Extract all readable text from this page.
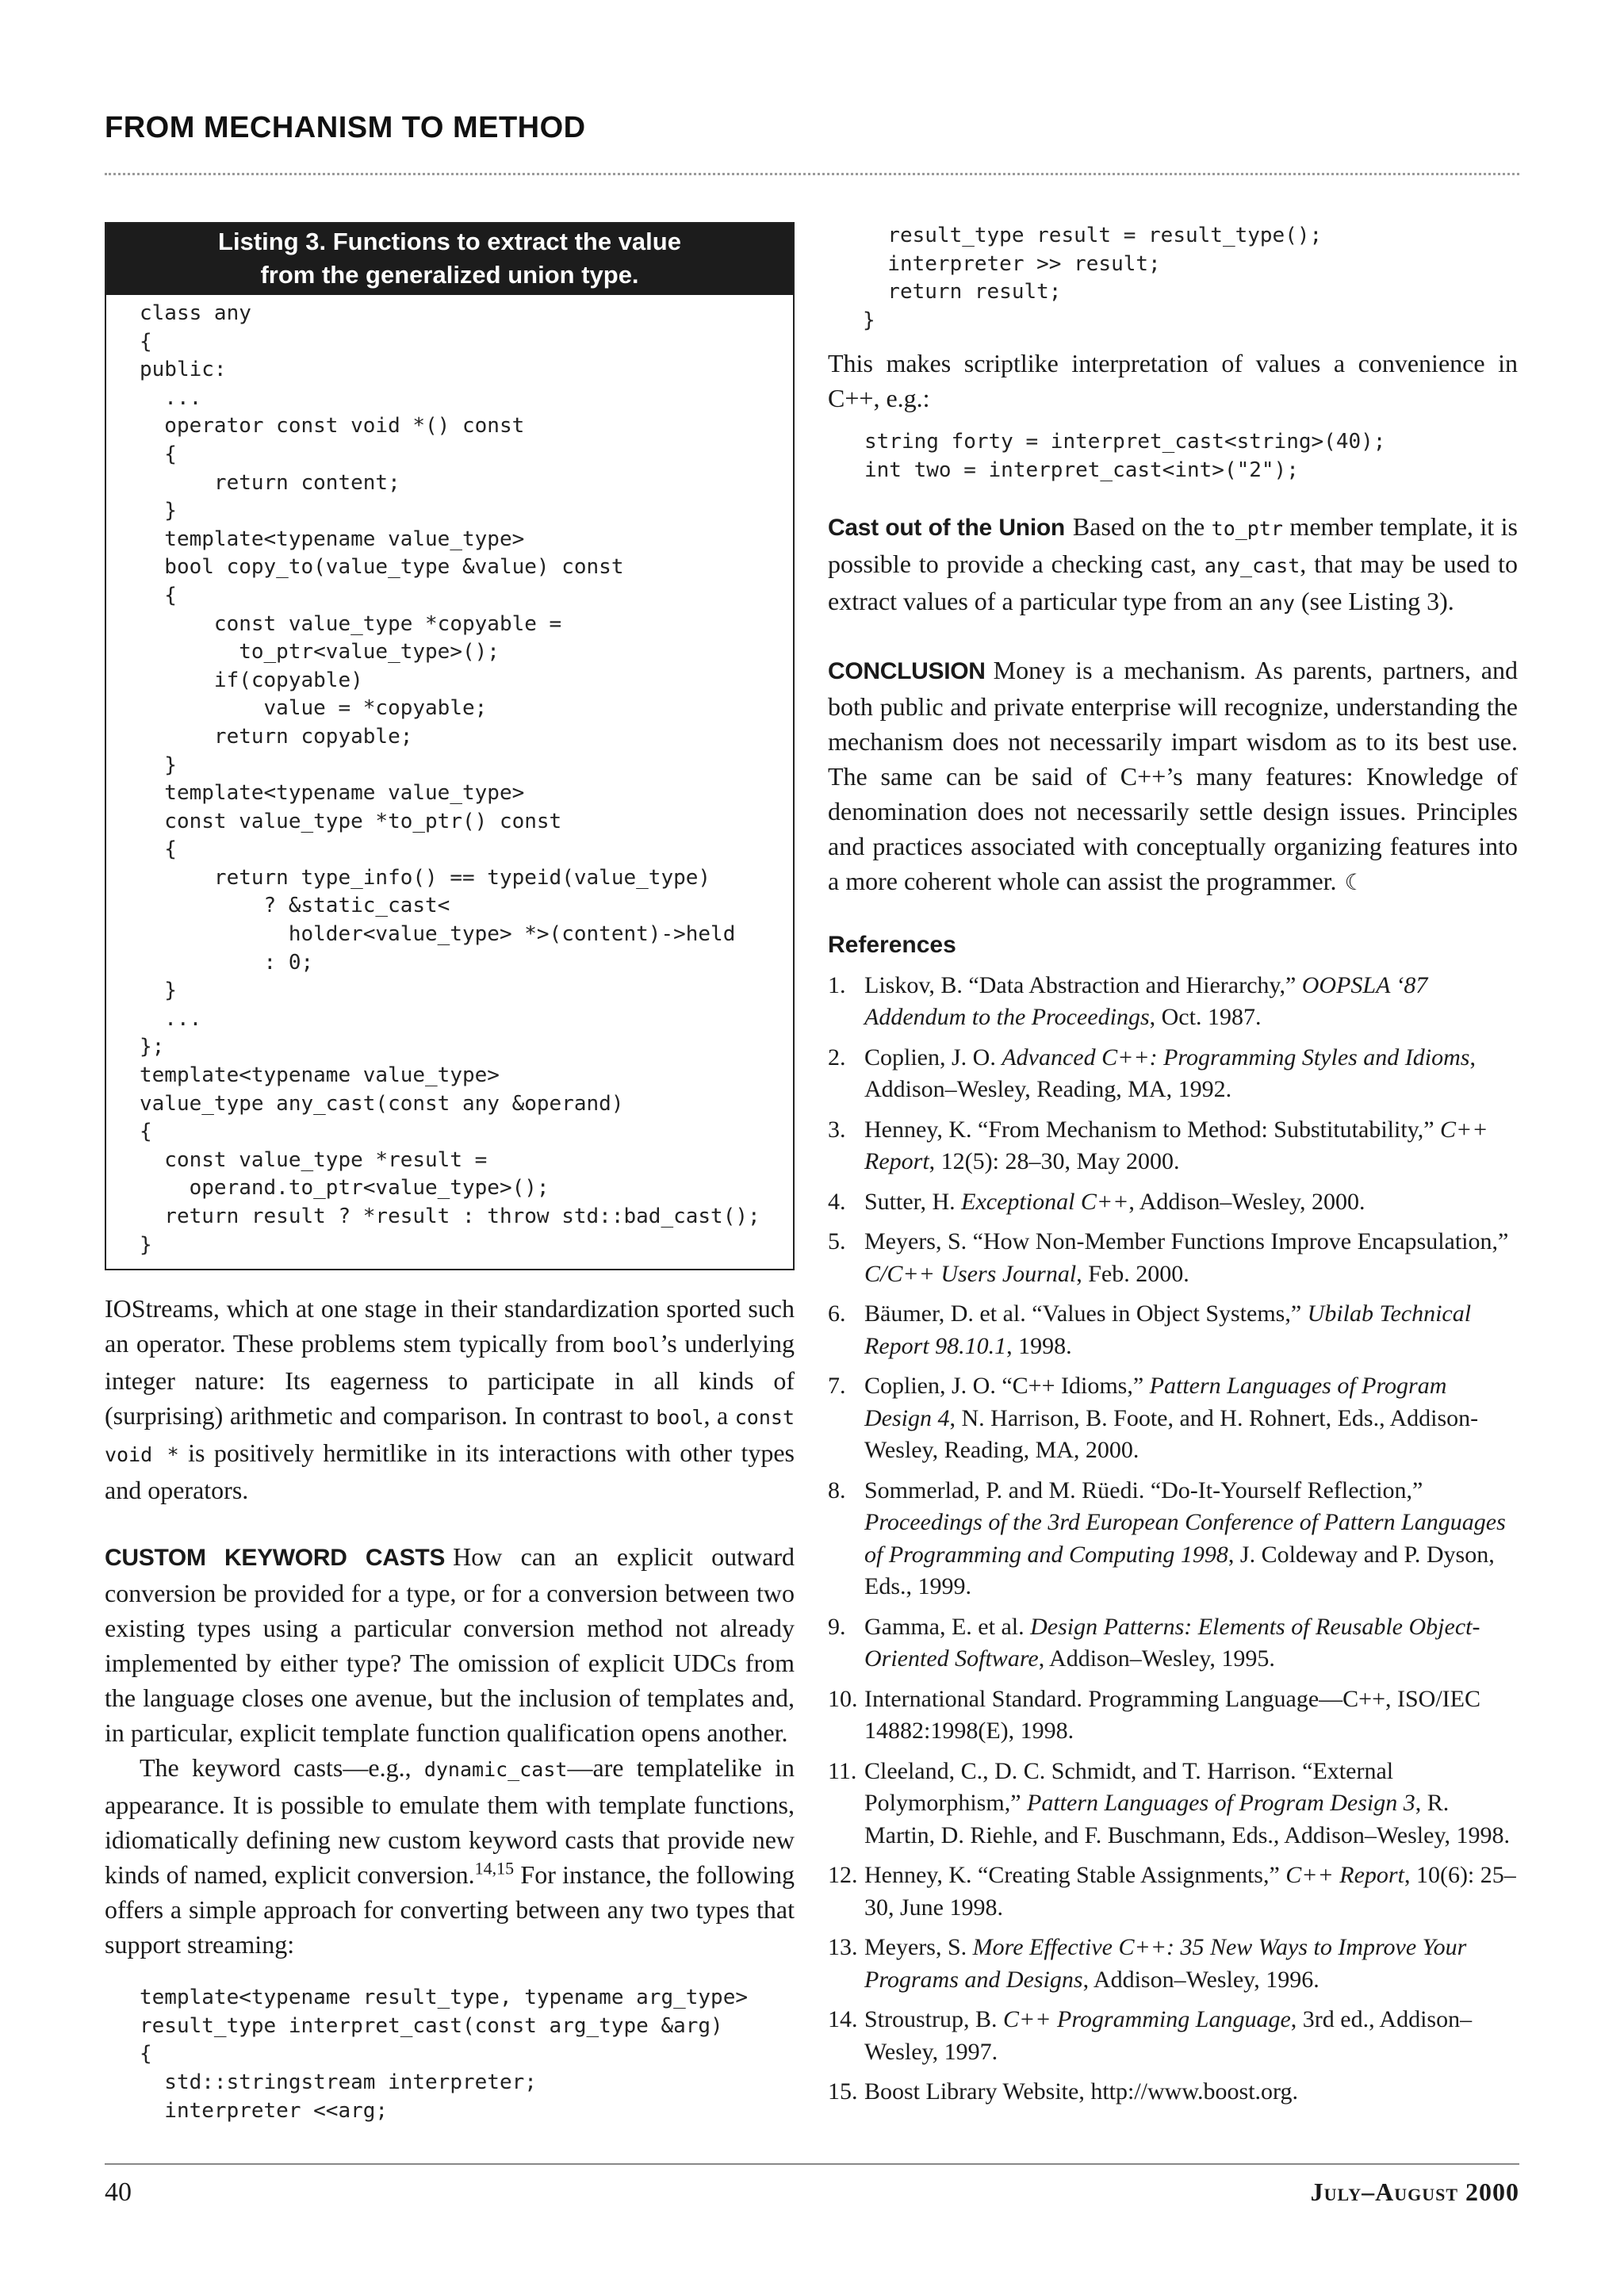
FROM MECHANISM TO METHOD
Listing 3. Functions to extract the value
from the generalized union type.
class any
{
public:
...
operator const void *() const
{
return content;
}
template<typename value_type>
bool copy_to(value_type &value) const
{
const value_type *copyable =
to_ptr<value_type>();
if(copyable)
value = *copyable;
return copyable;
}
template<typename value_type>
const value_type *to_ptr() const
{
return type_info() == typeid(value_type)
? &static_cast<
holder<value_type> *>(content)->held
: 0;
}
...
};
template<typename value_type>
value_type any_cast(const any &operand)
{
const value_type *result =
operand.to_ptr<value_type>();
return result ? *result : throw std::bad_cast();
}

IOStreams, which at one stage in their standardization sported such an operator. These problems stem typically from bool’s underlying integer nature: Its eagerness to participate in all kinds of (surprising) arithmetic and comparison. In contrast to bool, a const void * is positively hermitlike in its interactions with other types and operators.

CUSTOM KEYWORD CASTS How can an explicit outward conversion be provided for a type, or for a conversion between two existing types using a particular conversion method not already implemented by either type? The omission of explicit UDCs from the language closes one avenue, but the inclusion of templates and, in particular, explicit template function qualification opens another.

The keyword casts—e.g., dynamic_cast—are templatelike in appearance. It is possible to emulate them with template functions, idiomatically defining new custom keyword casts that provide new kinds of named, explicit conversion.$^{14,15}$ For instance, the following offers a simple approach for converting between any two types that support streaming:

template<typename result_type, typename arg_type>
result_type interpret_cast(const arg_type &arg)
{
std::stringstream interpreter;
interpreter <<arg;
result_type result = result_type();
interpreter >> result;
return result;
}

This makes scriptlike interpretation of values a convenience in C++, e.g.:

string forty = interpret_cast<string>(40);
int two = interpret_cast<int>("2");

Cast out of the Union Based on the to_ptr member template, it is possible to provide a checking cast, any_cast, that may be used to extract values of a particular type from an any (see Listing 3).

CONCLUSION Money is a mechanism. As parents, partners, and both public and private enterprise will recognize, understanding the mechanism does not necessarily impart wisdom as to its best use. The same can be said of C++’s many features: Knowledge of denomination does not necessarily settle design issues. Principles and practices associated with conceptually organizing features into a more coherent whole can assist the programmer. ☾

References
1. Liskov, B. “Data Abstraction and Hierarchy,” OOPSLA ‘87 Addendum to the Proceedings, Oct. 1987.
2. Coplien, J. O. Advanced C++: Programming Styles and Idioms, Addison–Wesley, Reading, MA, 1992.
3. Henney, K. “From Mechanism to Method: Substitutability,” C++ Report, 12(5): 28–30, May 2000.
4. Sutter, H. Exceptional C++, Addison–Wesley, 2000.
5. Meyers, S. “How Non-Member Functions Improve Encapsulation,” C/C++ Users Journal, Feb. 2000.
6. Bäumer, D. et al. “Values in Object Systems,” Ubilab Technical Report 98.10.1, 1998.
7. Coplien, J. O. “C++ Idioms,” Pattern Languages of Program Design 4, N. Harrison, B. Foote, and H. Rohnert, Eds., Addison-Wesley, Reading, MA, 2000.
8. Sommerlad, P. and M. Rüedi. “Do-It-Yourself Reflection,” Proceedings of the 3rd European Conference of Pattern Languages of Programming and Computing 1998, J. Coldeway and P. Dyson, Eds., 1999.
9. Gamma, E. et al. Design Patterns: Elements of Reusable Object-Oriented Software, Addison–Wesley, 1995.
10. International Standard. Programming Language—C++, ISO/IEC 14882:1998(E), 1998.
11. Cleeland, C., D. C. Schmidt, and T. Harrison. “External Polymorphism,” Pattern Languages of Program Design 3, R. Martin, D. Riehle, and F. Buschmann, Eds., Addison–Wesley, 1998.
12. Henney, K. “Creating Stable Assignments,” C++ Report, 10(6): 25–30, June 1998.
13. Meyers, S. More Effective C++: 35 New Ways to Improve Your Programs and Designs, Addison–Wesley, 1996.
14. Stroustrup, B. C++ Programming Language, 3rd ed., Addison–Wesley, 1997.
15. Boost Library Website, http://www.boost.org.
40	July–August 2000
